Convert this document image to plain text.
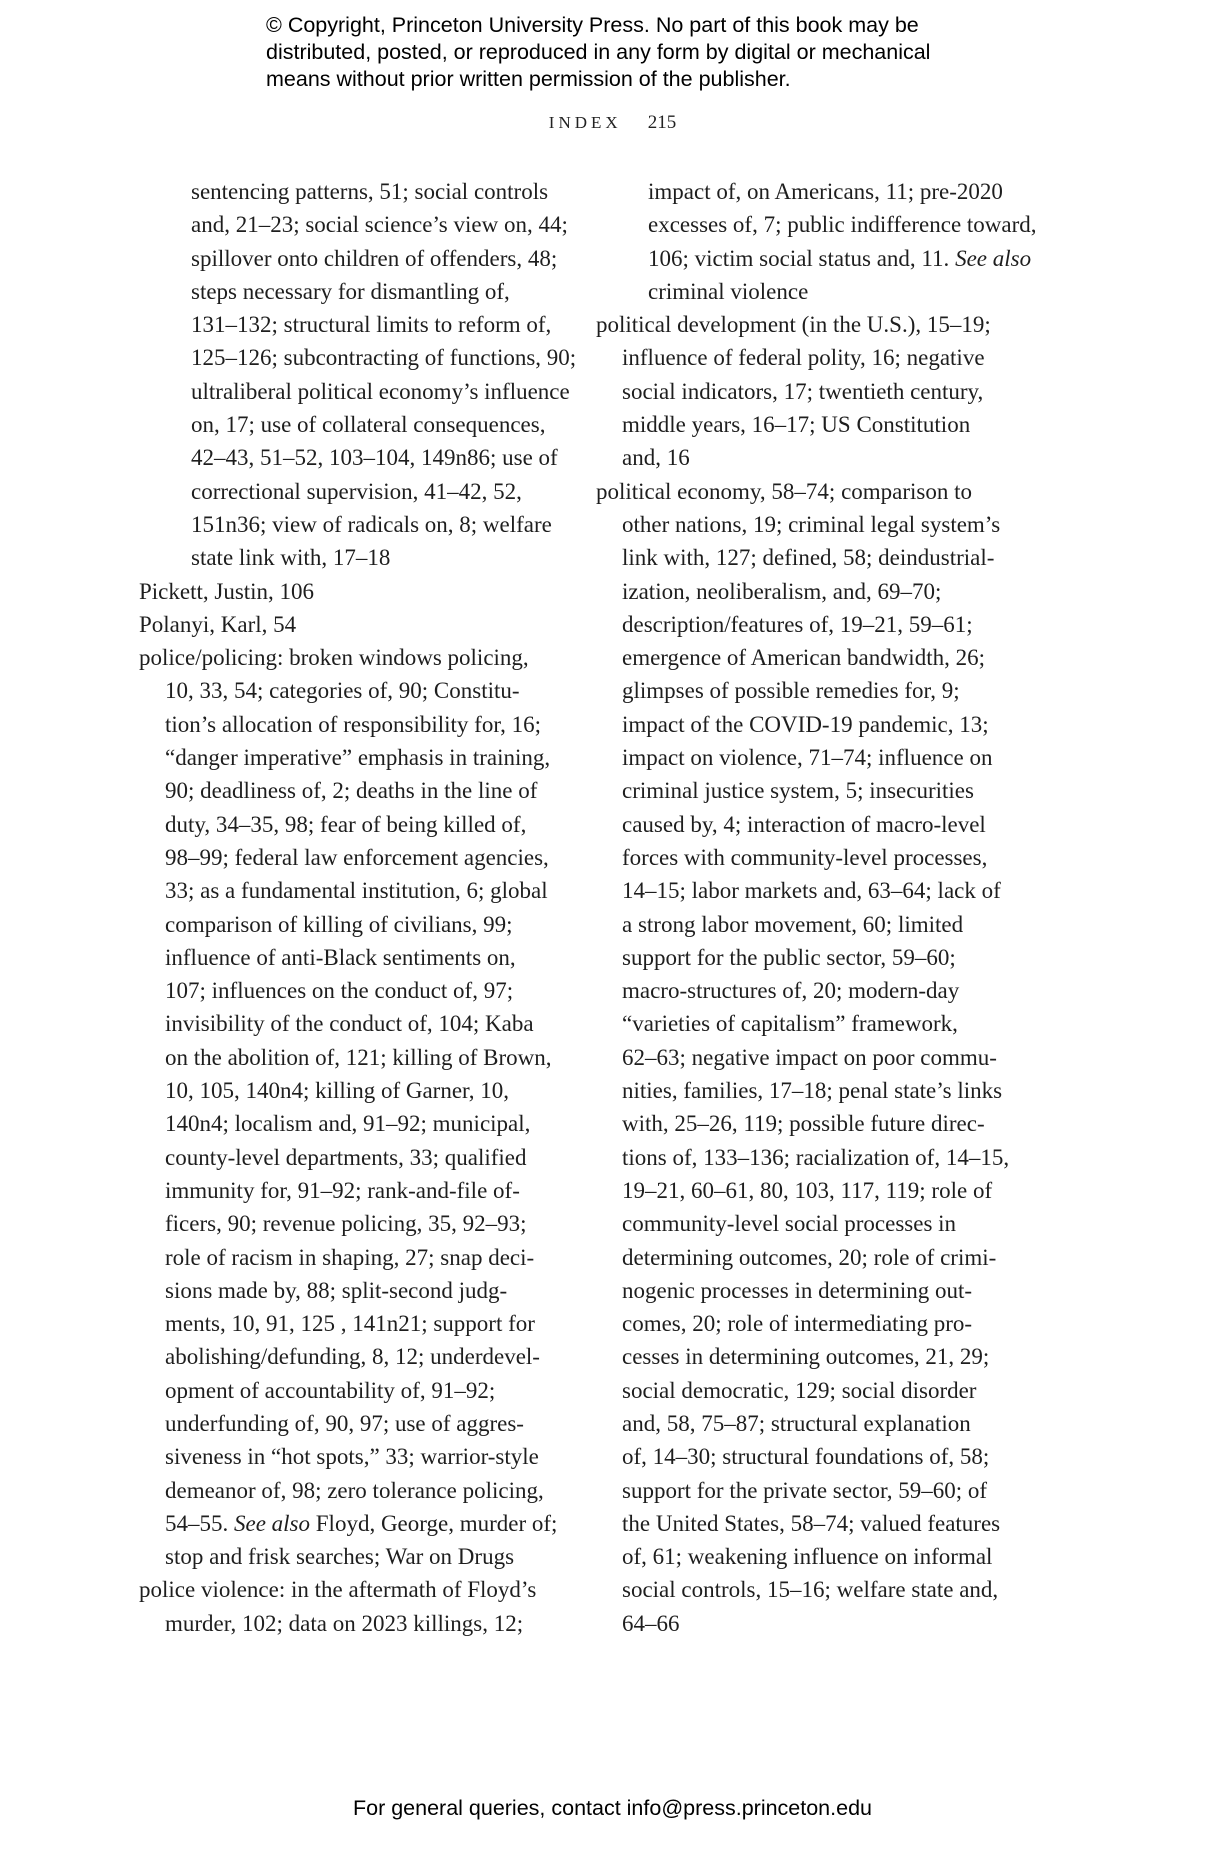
© Copyright, Princeton University Press. No part of this book may be
distributed, posted, or reproduced in any form by digital or mechanical
means without prior written permission of the publisher.
INDEX 215
sentencing patterns, 51; social controls
and, 21–23; social science’s view on, 44;
spillover onto children of offenders, 48;
steps necessary for dismantling of,
131–132; structural limits to reform of,
125–126; subcontracting of functions, 90;
ultraliberal political economy’s influence
on, 17; use of collateral consequences,
42–43, 51–52, 103–104, 149n86; use of
correctional supervision, 41–42, 52,
151n36; view of radicals on, 8; welfare
state link with, 17–18
Pickett, Justin, 106
Polanyi, Karl, 54
police/policing: broken windows policing,
10, 33, 54; categories of, 90; Constitu-
tion’s allocation of responsibility for, 16;
“danger imperative” emphasis in training,
90; deadliness of, 2; deaths in the line of
duty, 34–35, 98; fear of being killed of,
98–99; federal law enforcement agencies,
33; as a fundamental institution, 6; global
comparison of killing of civilians, 99;
influence of anti-Black sentiments on,
107; influences on the conduct of, 97;
invisibility of the conduct of, 104; Kaba
on the abolition of, 121; killing of Brown,
10, 105, 140n4; killing of Garner, 10,
140n4; localism and, 91–92; municipal,
county-level departments, 33; qualified
immunity for, 91–92; rank-and-file of-
ficers, 90; revenue policing, 35, 92–93;
role of racism in shaping, 27; snap deci-
sions made by, 88; split-second judg-
ments, 10, 91, 125 , 141n21; support for
abolishing/defunding, 8, 12; underdevel-
opment of accountability of, 91–92;
underfunding of, 90, 97; use of aggres-
siveness in “hot spots,” 33; warrior-style
demeanor of, 98; zero tolerance policing,
54–55. See also Floyd, George, murder of;
stop and frisk searches; War on Drugs
police violence: in the aftermath of Floyd’s
murder, 102; data on 2023 killings, 12;
impact of, on Americans, 11; pre-2020
excesses of, 7; public indifference toward,
106; victim social status and, 11. See also
criminal violence
political development (in the U.S.), 15–19;
influence of federal polity, 16; negative
social indicators, 17; twentieth century,
middle years, 16–17; US Constitution
and, 16
political economy, 58–74; comparison to
other nations, 19; criminal legal system’s
link with, 127; defined, 58; deindustrial-
ization, neoliberalism, and, 69–70;
description/features of, 19–21, 59–61;
emergence of American bandwidth, 26;
glimpses of possible remedies for, 9;
impact of the COVID-19 pandemic, 13;
impact on violence, 71–74; influence on
criminal justice system, 5; insecurities
caused by, 4; interaction of macro-level
forces with community-level processes,
14–15; labor markets and, 63–64; lack of
a strong labor movement, 60; limited
support for the public sector, 59–60;
macro-structures of, 20; modern-day
“varieties of capitalism” framework,
62–63; negative impact on poor commu-
nities, families, 17–18; penal state’s links
with, 25–26, 119; possible future direc-
tions of, 133–136; racialization of, 14–15,
19–21, 60–61, 80, 103, 117, 119; role of
community-level social processes in
determining outcomes, 20; role of crimi-
nogenic processes in determining out-
comes, 20; role of intermediating pro-
cesses in determining outcomes, 21, 29;
social democratic, 129; social disorder
and, 58, 75–87; structural explanation
of, 14–30; structural foundations of, 58;
support for the private sector, 59–60; of
the United States, 58–74; valued features
of, 61; weakening influence on informal
social controls, 15–16; welfare state and,
64–66
For general queries, contact info@press.princeton.edu
